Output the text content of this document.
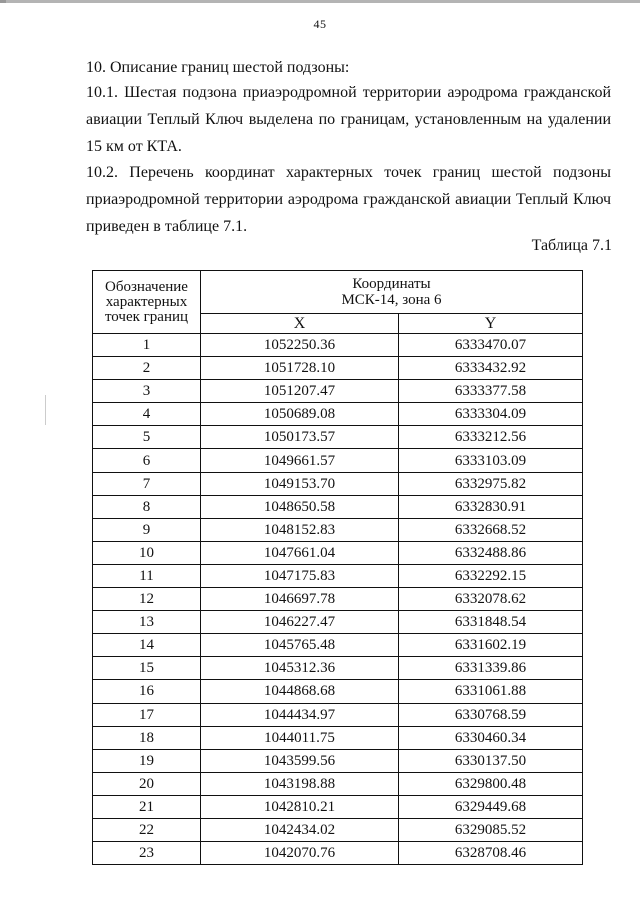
45

10. Описание границ шестой подзоны:

10.1. Шестая подзона приаэродромной территории аэродрома гражданской авиации Теплый Ключ выделена по границам, установленным на удалении 15 км от КТА.

10.2. Перечень координат характерных точек границ шестой подзоны приаэродромной территории аэродрома гражданской авиации Теплый Ключ приведен в таблице 7.1.

Таблица 7.1
Обозначение характерных точек границ	Координаты
МСК-14, зона 6	

	X	Y
1	1052250.36	6333470.07
2	1051728.10	6333432.92
3	1051207.47	6333377.58
4	1050689.08	6333304.09
5	1050173.57	6333212.56
6	1049661.57	6333103.09
7	1049153.70	6332975.82
8	1048650.58	6332830.91
9	1048152.83	6332668.52
10	1047661.04	6332488.86
11	1047175.83	6332292.15
12	1046697.78	6332078.62
13	1046227.47	6331848.54
14	1045765.48	6331602.19
15	1045312.36	6331339.86
16	1044868.68	6331061.88
17	1044434.97	6330768.59
18	1044011.75	6330460.34
19	1043599.56	6330137.50
20	1043198.88	6329800.48
21	1042810.21	6329449.68
22	1042434.02	6329085.52
23	1042070.76	6328708.46
